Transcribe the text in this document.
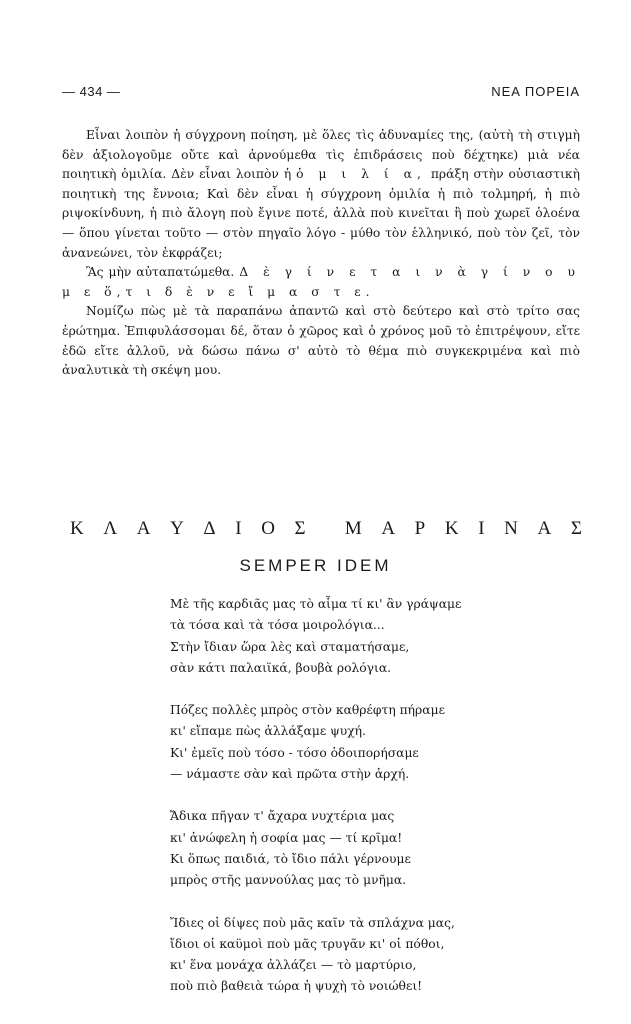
— 434 —	ΝΕΑ ΠΟΡΕΙΑ

Εἶναι λοιπὸν ἡ σύγχρονη ποίηση, μὲ ὅλες τὶς ἀδυναμίες της, (αὐτὴ τὴ στιγμὴ δὲν ἀξιολογοῦμε οὔτε καὶ ἀρνούμεθα τὶς ἐπιδράσεις ποὺ δέχτηκε) μιὰ νέα ποιητικὴ ὁμιλία. Δὲν εἶναι λοιπὸν ἡ ὁ μ ι λ ί α, πράξη στὴν οὐσιαστικὴ ποιητικὴ της ἔννοια; Καὶ δὲν εἶναι ἡ σύγχρονη ὁμιλία ἡ πιὸ τολμηρή, ἡ πιὸ ριψοκίνδυνη, ἡ πιὸ ἄλογη ποὺ ἔγινε ποτέ, ἀλλὰ ποὺ κινεῖται ἢ ποὺ χωρεῖ ὁλοένα — ὅπου γίνεται τοῦτο — στὸν πηγαῖο λόγο - μύθο τὸν ἑλληνικό, ποὺ τὸν ζεῖ, τὸν ἀνανεώνει, τὸν ἐκφράζει;

Ἂς μὴν αὐταπατώμεθα. Δ ὲ γ ί ν ε τ α ι ν ὰ γ ί ν ο υ μ ε ὅ,τ ι δ ὲ ν ε ἴ μ α σ τ ε.

Νομίζω πὼς μὲ τὰ παραπάνω ἀπαντῶ καὶ στὸ δεύτερο καὶ στὸ τρίτο σας ἐρώτημα. Ἐπιφυλάσσομαι δέ, ὅταν ὁ χῶρος καὶ ὁ χρόνος μοῦ τὸ ἐπιτρέψουν, εἴτε ἐδῶ εἴτε ἀλλοῦ, νὰ δώσω πάνω σ' αὐτὸ τὸ θέμα πιὸ συγκεκριμένα καὶ πιὸ ἀναλυτικὰ τὴ σκέψη μου.

Κ Λ Α Υ Δ Ι Ο Σ Μ Α Ρ Κ Ι Ν Α Σ
SEMPER IDEM
Μὲ τῆς καρδιᾶς μας τὸ αἷμα τί κι' ἂν γράψαμε
τὰ τόσα καὶ τὰ τόσα μοιρολόγια...
Στὴν ἴδιαν ὥρα λὲς καὶ σταματήσαμε,
σὰν κάτι παλαιϊκά, βουβὰ ρολόγια.
Πόζες πολλὲς μπρὸς στὸν καθρέφτη πήραμε
κι' εἴπαμε πὼς ἀλλάξαμε ψυχή.
Κι' ἐμεῖς ποὺ τόσο - τόσο ὁδοιπορήσαμε
— νάμαστε σὰν καὶ πρῶτα στὴν ἀρχή.
Ἄδικα πῆγαν τ' ἄχαρα νυχτέρια μας
κι' ἀνώφελη ἡ σοφία μας — τί κρῖμα!
Κι ὅπως παιδιά, τὸ ἴδιο πάλι γέρνουμε
μπρὸς στῆς μαννούλας μας τὸ μνῆμα.
Ἴδιες οἱ δίψες ποὺ μᾶς καῖν τὰ σπλάχνα μας,
ἴδιοι οἱ καϋμοὶ ποὺ μᾶς τρυγᾶν κι' οἱ πόθοι,
κι' ἕνα μονάχα ἀλλάζει — τὸ μαρτύριο,
ποὺ πιὸ βαθειὰ τώρα ἡ ψυχὴ τὸ νοιώθει!
